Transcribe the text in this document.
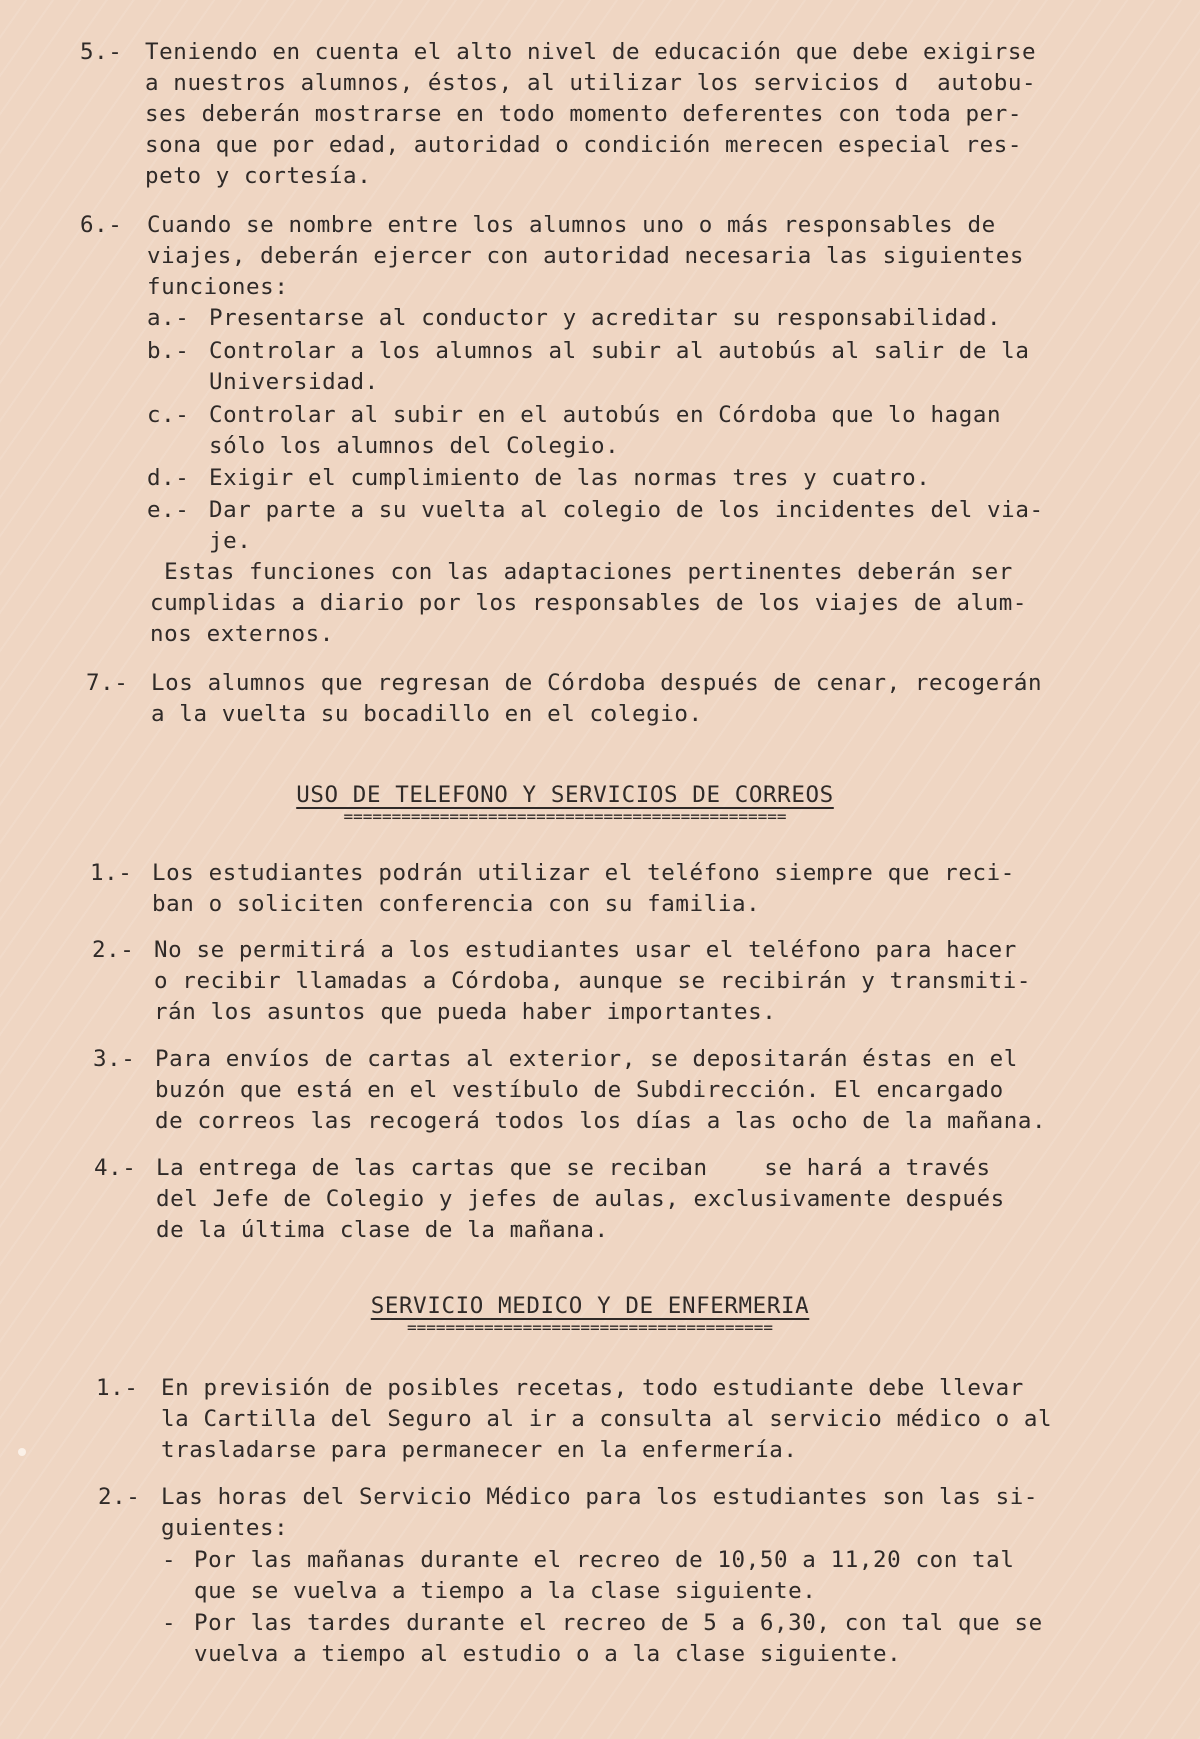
5.- Teniendo en cuenta el alto nivel de educación que debe exigirse
a nuestros alumnos, éstos, al utilizar los servicios d  autobu-
ses deberán mostrarse en todo momento deferentes con toda per-
sona que por edad, autoridad o condición merecen especial res-
peto y cortesía.
6.- Cuando se nombre entre los alumnos uno o más responsables de
viajes, deberán ejercer con autoridad necesaria las siguientes
funciones:
a.- Presentarse al conductor y acreditar su responsabilidad.
b.- Controlar a los alumnos al subir al autobús al salir de la
Universidad.
c.- Controlar al subir en el autobús en Córdoba que lo hagan
sólo los alumnos del Colegio.
d.- Exigir el cumplimiento de las normas tres y cuatro.
e.- Dar parte a su vuelta al colegio de los incidentes del via-
je.
Estas funciones con las adaptaciones pertinentes deberán ser
cumplidas a diario por los responsables de los viajes de alum-
nos externos.
7.- Los alumnos que regresan de Córdoba después de cenar, recogerán
a la vuelta su bocadillo en el colegio.
USO DE TELEFONO Y SERVICIOS DE CORREOS
==============================================
1.- Los estudiantes podrán utilizar el teléfono siempre que reci-
ban o soliciten conferencia con su familia.
2.- No se permitirá a los estudiantes usar el teléfono para hacer
o recibir llamadas a Córdoba, aunque se recibirán y transmiti-
rán los asuntos que pueda haber importantes.
3.- Para envíos de cartas al exterior, se depositarán éstas en el
buzón que está en el vestíbulo de Subdirección. El encargado
de correos las recogerá todos los días a las ocho de la mañana.
4.- La entrega de las cartas que se reciban    se hará a través
del Jefe de Colegio y jefes de aulas, exclusivamente después
de la última clase de la mañana.
SERVICIO MEDICO Y DE ENFERMERIA
======================================
1.- En previsión de posibles recetas, todo estudiante debe llevar
la Cartilla del Seguro al ir a consulta al servicio médico o al
trasladarse para permanecer en la enfermería.
2.- Las horas del Servicio Médico para los estudiantes son las si-
guientes:
- Por las mañanas durante el recreo de 10,50 a 11,20 con tal
que se vuelva a tiempo a la clase siguiente.
- Por las tardes durante el recreo de 5 a 6,30, con tal que se
vuelva a tiempo al estudio o a la clase siguiente.
